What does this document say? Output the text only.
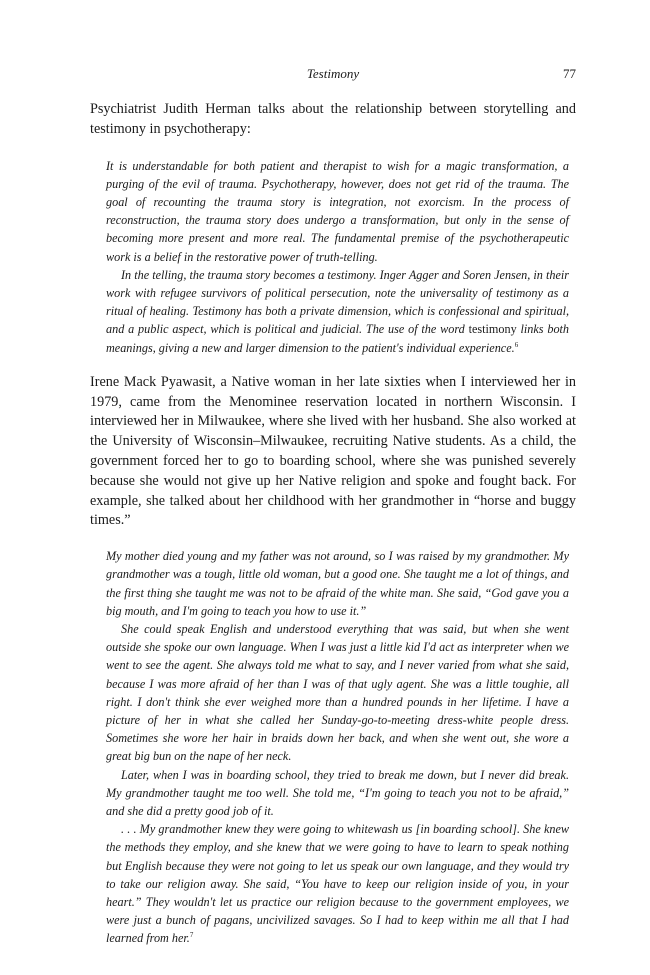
Testimony	77

Psychiatrist Judith Herman talks about the relationship between storytelling and testimony in psychotherapy:

It is understandable for both patient and therapist to wish for a magic transformation, a purging of the evil of trauma. Psychotherapy, however, does not get rid of the trauma. The goal of recounting the trauma story is integration, not exorcism. In the process of reconstruction, the trauma story does undergo a transformation, but only in the sense of becoming more present and more real. The fundamental premise of the psychotherapeutic work is a belief in the restorative power of truth-telling.

In the telling, the trauma story becomes a testimony. Inger Agger and Soren Jensen, in their work with refugee survivors of political persecution, note the universality of testimony as a ritual of healing. Testimony has both a private dimension, which is confessional and spiritual, and a public aspect, which is political and judicial. The use of the word testimony links both meanings, giving a new and larger dimension to the patient's individual experience.$^6$

Irene Mack Pyawasit, a Native woman in her late sixties when I interviewed her in 1979, came from the Menominee reservation located in northern Wisconsin. I interviewed her in Milwaukee, where she lived with her husband. She also worked at the University of Wisconsin–Milwaukee, recruiting Native students. As a child, the government forced her to go to boarding school, where she was punished severely because she would not give up her Native religion and spoke and fought back. For example, she talked about her childhood with her grandmother in “horse and buggy times.”

My mother died young and my father was not around, so I was raised by my grandmother. My grandmother was a tough, little old woman, but a good one. She taught me a lot of things, and the first thing she taught me was not to be afraid of the white man. She said, “God gave you a big mouth, and I'm going to teach you how to use it.”

She could speak English and understood everything that was said, but when she went outside she spoke our own language. When I was just a little kid I'd act as interpreter when we went to see the agent. She always told me what to say, and I never varied from what she said, because I was more afraid of her than I was of that ugly agent. She was a little toughie, all right. I don't think she ever weighed more than a hundred pounds in her lifetime. I have a picture of her in what she called her Sunday-go-to-meeting dress-white people dress. Sometimes she wore her hair in braids down her back, and when she went out, she wore a great big bun on the nape of her neck.

Later, when I was in boarding school, they tried to break me down, but I never did break. My grandmother taught me too well. She told me, “I'm going to teach you not to be afraid,” and she did a pretty good job of it.

. . . My grandmother knew they were going to whitewash us [in boarding school]. She knew the methods they employ, and she knew that we were going to have to learn to speak nothing but English because they were not going to let us speak our own language, and they would try to take our religion away. She said, “You have to keep our religion inside of you, in your heart.” They wouldn't let us practice our religion because to the government employees, we were just a bunch of pagans, uncivilized savages. So I had to keep within me all that I had learned from her.$^7$
